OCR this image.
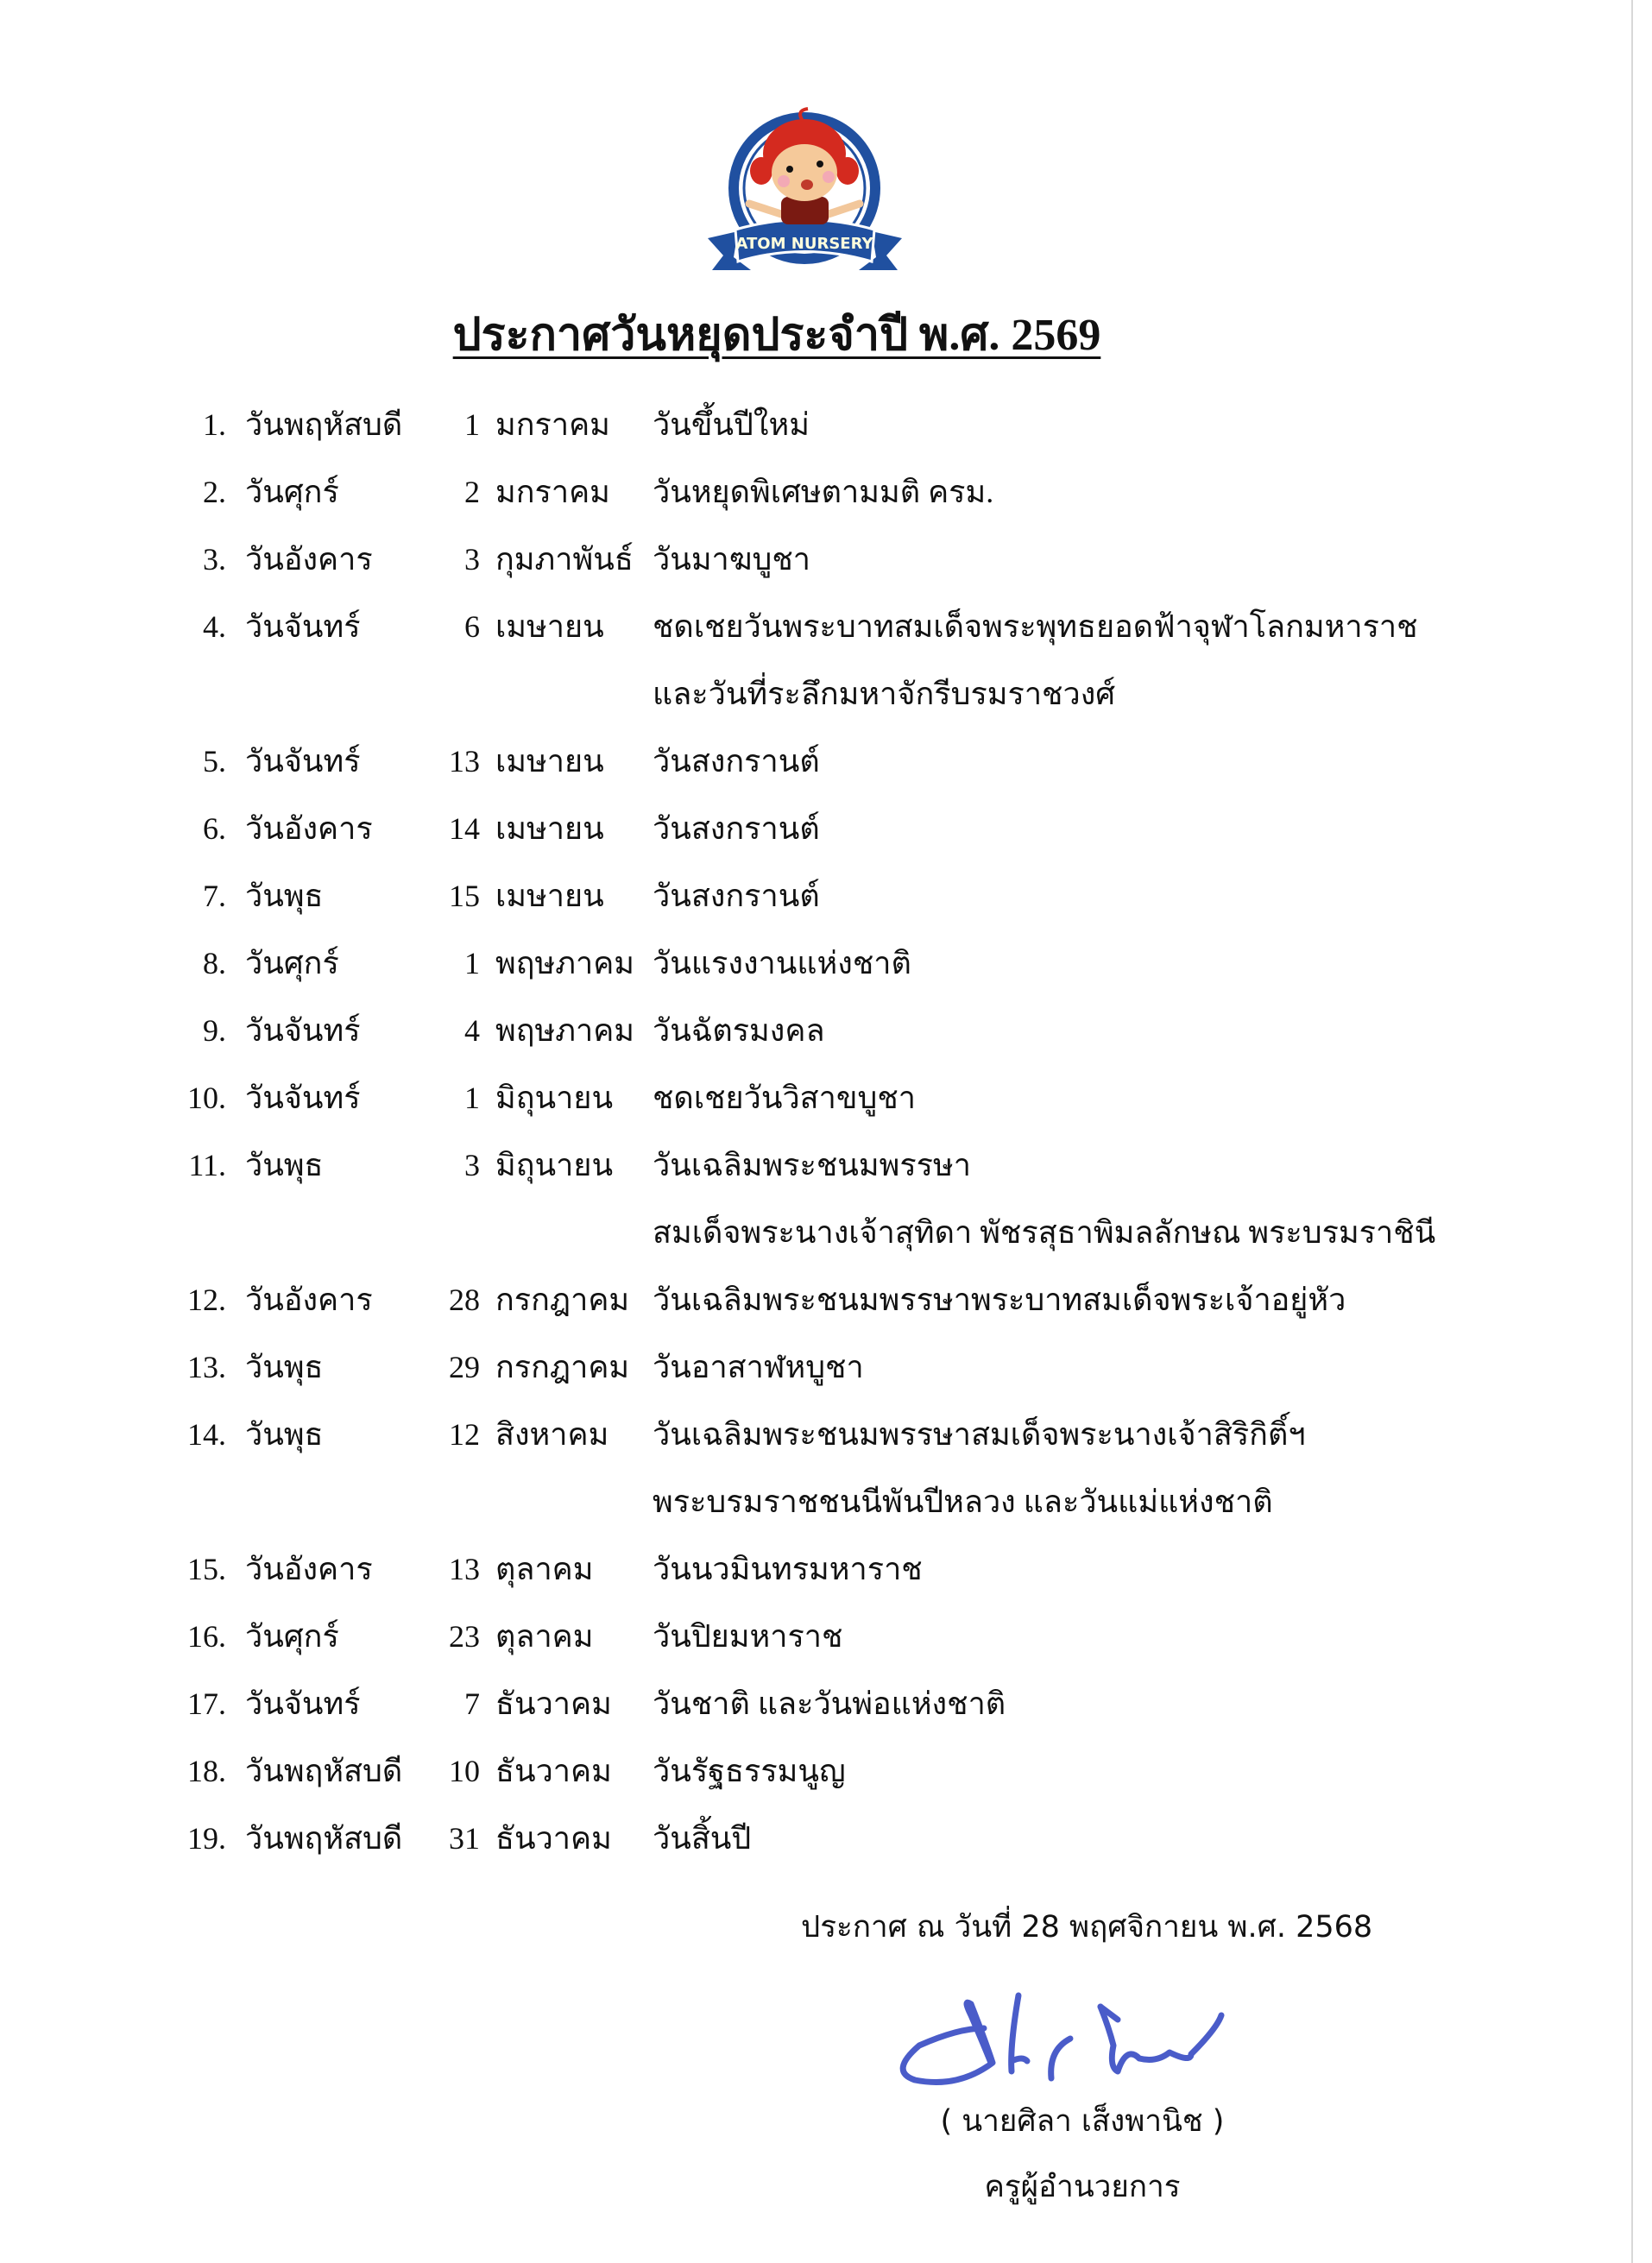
ATOM NURSERY
ประกาศวันหยุดประจำปี พ.ศ. 2569
1. วันพฤหัสบดี 1 มกราคม วันขึ้นปีใหม่
2. วันศุกร์	2 มกราคม วันหยุดพิเศษตามมติ ครม.
3. วันอังคาร	3 กุมภาพันธ์ วันมาฆบูชา
4. วันจันทร์	6 เมษายน ชดเชยวันพระบาทสมเด็จพระพุทธยอดฟ้าจุฬาโลกมหาราช
และวันที่ระลึกมหาจักรีบรมราชวงศ์
5. วันจันทร์	13 เมษายน วันสงกรานต์
6. วันอังคาร 14 เมษายน วันสงกรานต์
7. วันพุธ	15 เมษายน วันสงกรานต์
8. วันศุกร์	1 พฤษภาคม วันแรงงานแห่งชาติ
9. วันจันทร์	4 พฤษภาคม วันฉัตรมงคล
10. วันจันทร์	1 มิถุนายน ชดเชยวันวิสาขบูชา
11. วันพุธ	3 มิถุนายน วันเฉลิมพระชนมพรรษา
สมเด็จพระนางเจ้าสุทิดา พัชรสุธาพิมลลักษณ พระบรมราชินี
12. วันอังคาร 28 กรกฎาคม วันเฉลิมพระชนมพรรษาพระบาทสมเด็จพระเจ้าอยู่หัว
13. วันพุธ	29 กรกฎาคม วันอาสาฬหบูชา
14. วันพุธ	12 สิงหาคม วันเฉลิมพระชนมพรรษาสมเด็จพระนางเจ้าสิริกิติ์ฯ
พระบรมราชชนนีพันปีหลวง และวันแม่แห่งชาติ
15. วันอังคาร 13 ตุลาคม วันนวมินทรมหาราช
16. วันศุกร์	23 ตุลาคม วันปิยมหาราช
17. วันจันทร์	7 ธันวาคม วันชาติ และวันพ่อแห่งชาติ
18. วันพฤหัสบดี 10 ธันวาคม วันรัฐธรรมนูญ
19. วันพฤหัสบดี 31 ธันวาคม วันสิ้นปี
ประกาศ ณ วันที่ 28 พฤศจิกายน พ.ศ. 2568
( นายศิลา เส็งพานิช )
ครูผู้อำนวยการ
